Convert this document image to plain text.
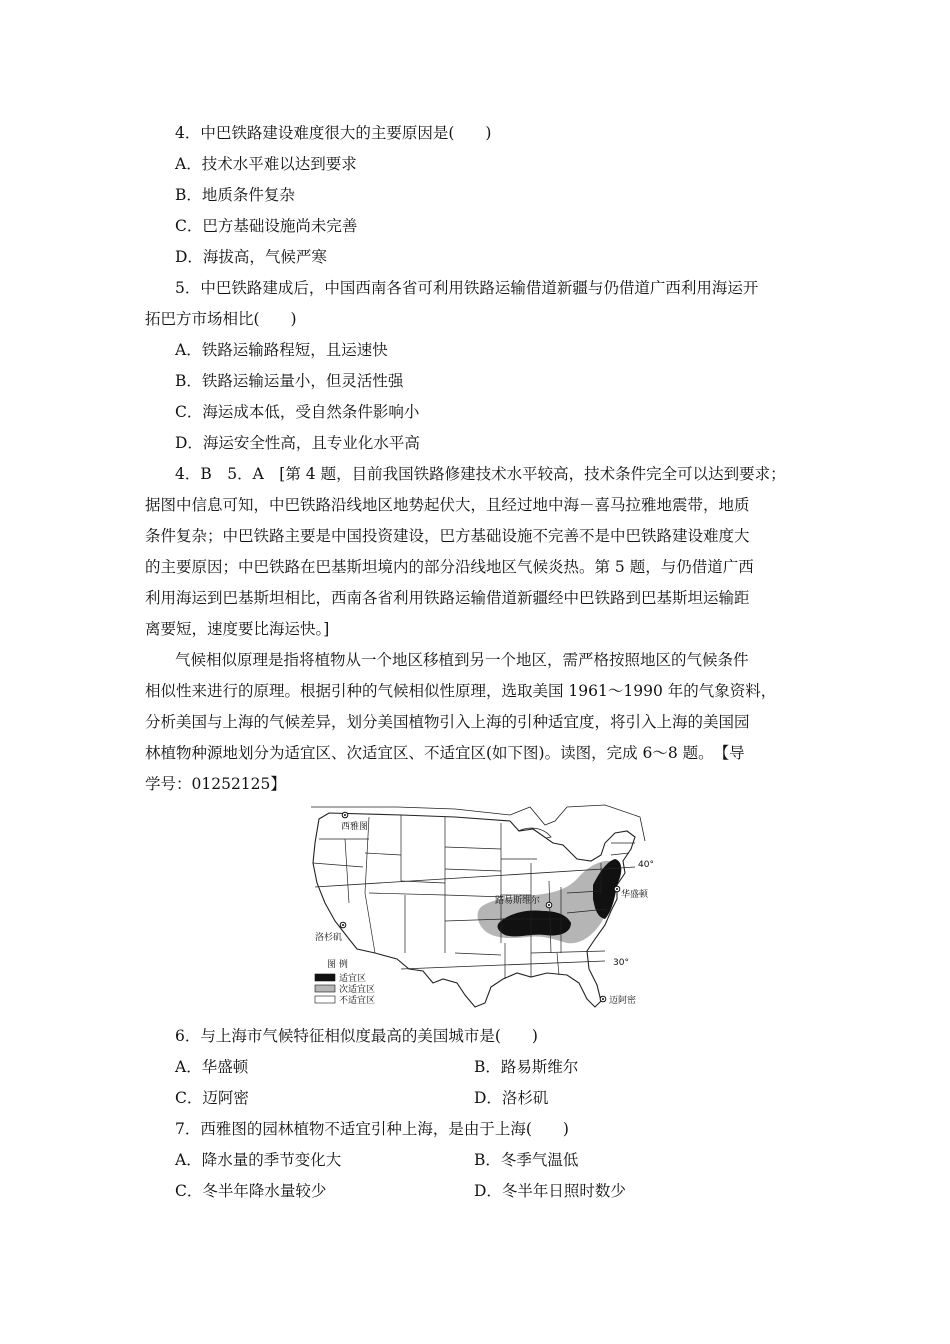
4．中巴铁路建设难度很大的主要原因是(　　)
A．技术水平难以达到要求
B．地质条件复杂
C．巴方基础设施尚未完善
D．海拔高，气候严寒
5．中巴铁路建成后，中国西南各省可利用铁路运输借道新疆与仍借道广西利用海运开
拓巴方市场相比(　　)
A．铁路运输路程短，且运速快
B．铁路运输运量小，但灵活性强
C．海运成本低，受自然条件影响小
D．海运安全性高，且专业化水平高
4．B　5．A　[第 4 题，目前我国铁路修建技术水平较高，技术条件完全可以达到要求；
据图中信息可知，中巴铁路沿线地区地势起伏大，且经过地中海－喜马拉雅地震带，地质
条件复杂；中巴铁路主要是中国投资建设，巴方基础设施不完善不是中巴铁路建设难度大
的主要原因；中巴铁路在巴基斯坦境内的部分沿线地区气候炎热。第 5 题，与仍借道广西
利用海运到巴基斯坦相比，西南各省利用铁路运输借道新疆经中巴铁路到巴基斯坦运输距
离要短，速度要比海运快。]
气候相似原理是指将植物从一个地区移植到另一个地区，需严格按照地区的气候条件
相似性来进行的原理。根据引种的气候相似性原理，选取美国 1961～1990 年的气象资料，
分析美国与上海的气候差异，划分美国植物引入上海的引种适宜度，将引入上海的美国园
林植物种源地划分为适宜区、次适宜区、不适宜区(如下图)。读图，完成 6～8 题。　【导
学号：01252125】
40°
30°
西雅图
洛杉矶
路易斯维尔
华盛顿
迈阿密
图 例
适宜区
次适宜区
不适宜区
6．与上海市气候特征相似度最高的美国城市是(　　)
A．华盛顿	B．路易斯维尔
C．迈阿密	D．洛杉矶
7．西雅图的园林植物不适宜引种上海，是由于上海(　　)
A．降水量的季节变化大	B．冬季气温低
C．冬半年降水量较少	D．冬半年日照时数少
